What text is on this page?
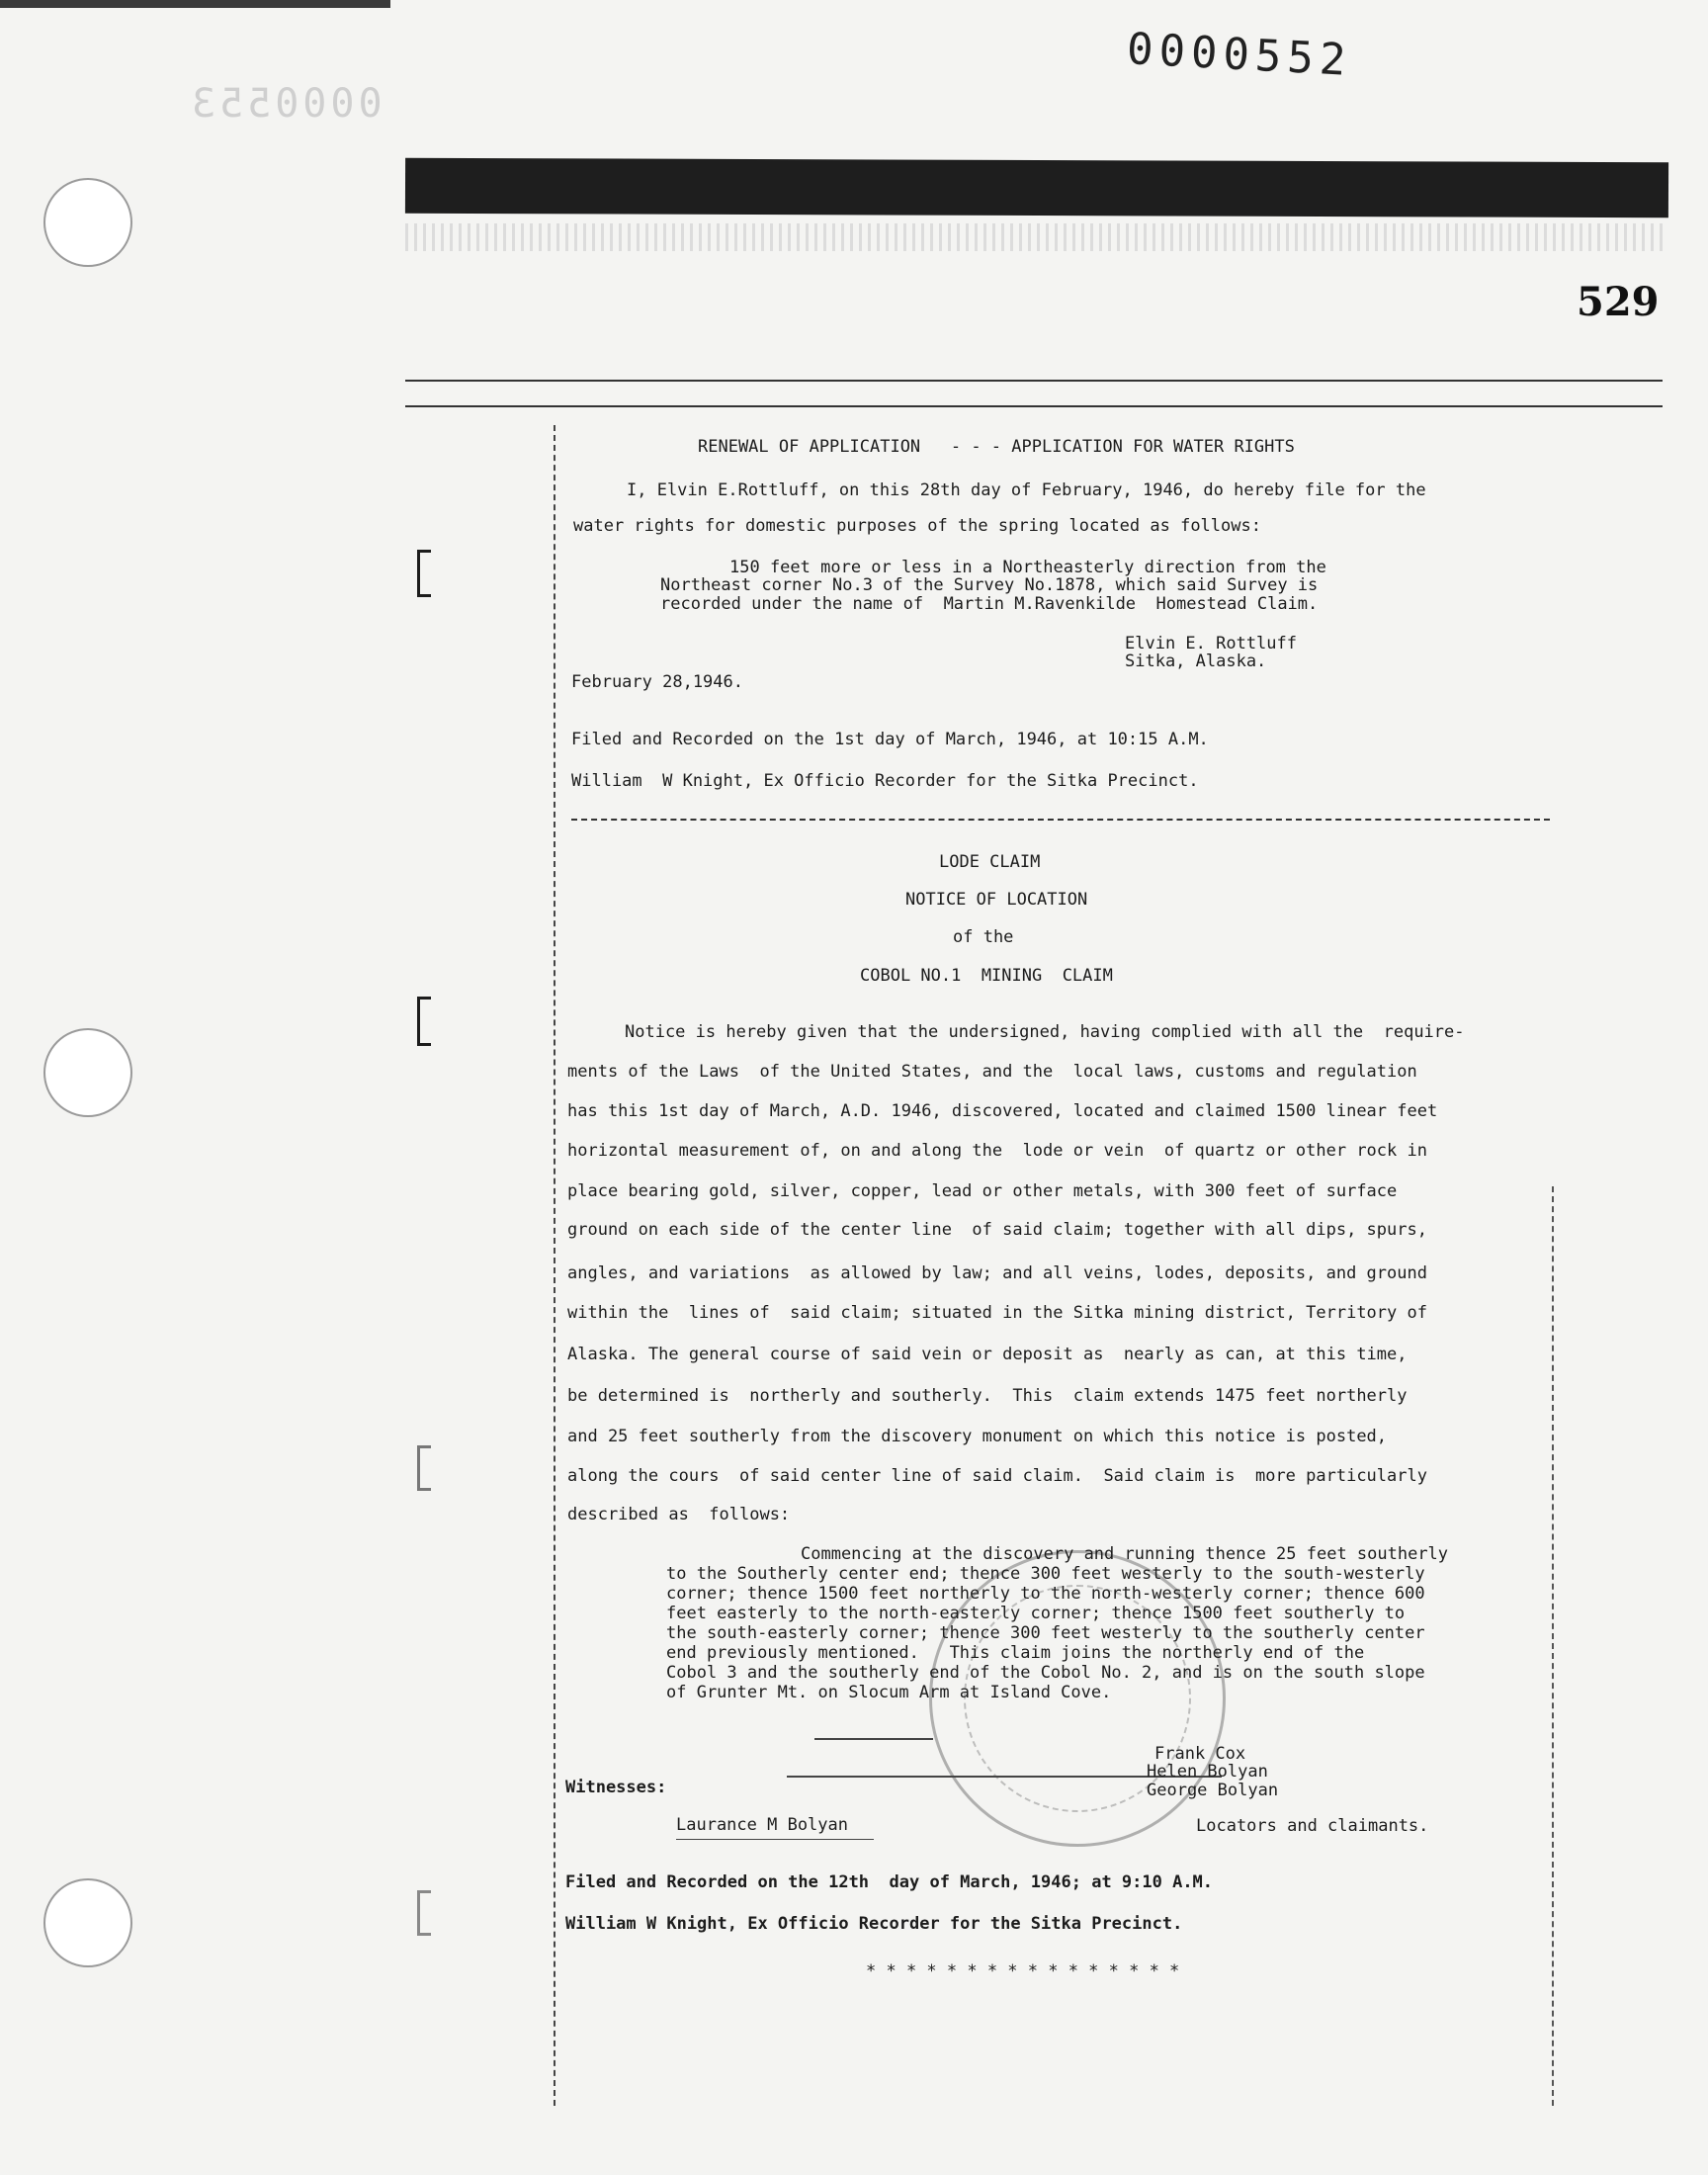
0000553
0000552
529
RENEWAL OF APPLICATION   - - - APPLICATION FOR WATER RIGHTS
I, Elvin E.Rottluff, on this 28th day of February, 1946, do hereby file for the
water rights for domestic purposes of the spring located as follows:
150 feet more or less in a Northeasterly direction from the
Northeast corner No.3 of the Survey No.1878, which said Survey is
recorded under the name of  Martin M.Ravenkilde  Homestead Claim.
Elvin E. Rottluff
Sitka, Alaska.
February 28,1946.
Filed and Recorded on the 1st day of March, 1946, at 10:15 A.M.
William  W Knight, Ex Officio Recorder for the Sitka Precinct.
LODE CLAIM
NOTICE OF LOCATION
of the
COBOL NO.1  MINING  CLAIM
Notice is hereby given that the undersigned, having complied with all the  require-
ments of the Laws  of the United States, and the  local laws, customs and regulation
has this 1st day of March, A.D. 1946, discovered, located and claimed 1500 linear feet
horizontal measurement of, on and along the  lode or vein  of quartz or other rock in
place bearing gold, silver, copper, lead or other metals, with 300 feet of surface
ground on each side of the center line  of said claim; together with all dips, spurs,
angles, and variations  as allowed by law; and all veins, lodes, deposits, and ground
within the  lines of  said claim; situated in the Sitka mining district, Territory of
Alaska. The general course of said vein or deposit as  nearly as can, at this time,
be determined is  northerly and southerly.  This  claim extends 1475 feet northerly
and 25 feet southerly from the discovery monument on which this notice is posted,
along the cours  of said center line of said claim.  Said claim is  more particularly
described as  follows:
Commencing at the discovery and running thence 25 feet southerly
to the Southerly center end; thence 300 feet westerly to the south-westerly
corner; thence 1500 feet northerly to the north-westerly corner; thence 600
feet easterly to the north-easterly corner; thence 1500 feet southerly to
the south-easterly corner; thence 300 feet westerly to the southerly center
end previously mentioned.   This claim joins the northerly end of the
Cobol 3 and the southerly end of the Cobol No. 2, and is on the south slope
of Grunter Mt. on Slocum Arm at Island Cove.
Frank Cox
Helen Bolyan
George Bolyan
Witnesses:
Laurance M Bolyan	Locators and claimants.
Filed and Recorded on the 12th  day of March, 1946; at 9:10 A.M.
William W Knight, Ex Officio Recorder for the Sitka Precinct.
* * * * * * * * * * * * * * * *
